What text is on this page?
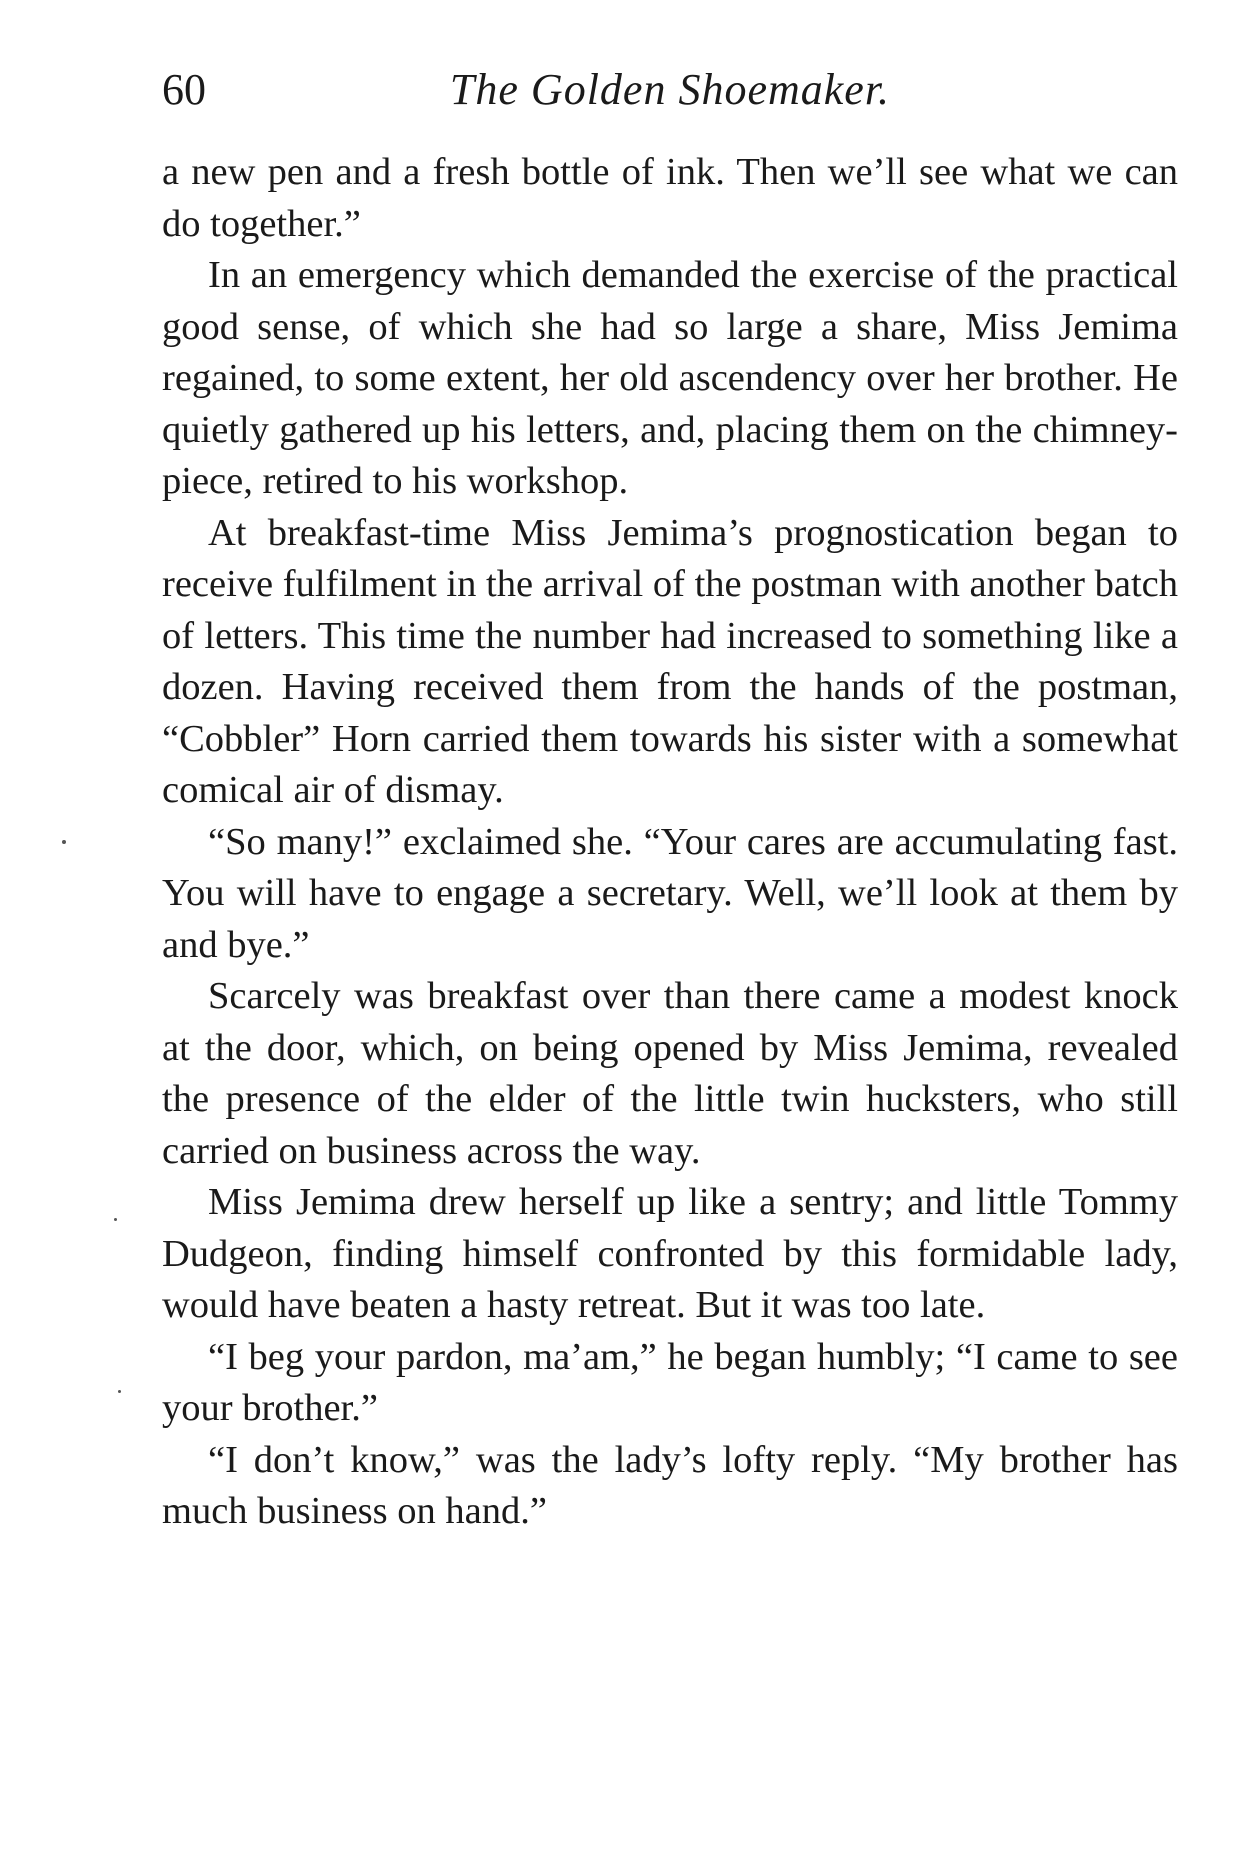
60	The Golden Shoemaker.

a new pen and a fresh bottle of ink. Then we’ll see what we can do together.”

In an emergency which demanded the exercise of the practical good sense, of which she had so large a share, Miss Jemima regained, to some extent, her old ascendency over her brother. He quietly gathered up his letters, and, placing them on the chimney-piece, retired to his workshop.

At breakfast-time Miss Jemima’s prognostication began to receive fulfilment in the arrival of the postman with another batch of letters. This time the number had increased to something like a dozen. Having received them from the hands of the postman, “Cobbler” Horn carried them towards his sister with a somewhat comical air of dismay.

“So many!” exclaimed she. “Your cares are accumulating fast. You will have to engage a secretary. Well, we’ll look at them by and bye.”

Scarcely was breakfast over than there came a modest knock at the door, which, on being opened by Miss Jemima, revealed the presence of the elder of the little twin hucksters, who still carried on business across the way.

Miss Jemima drew herself up like a sentry; and little Tommy Dudgeon, finding himself confronted by this formidable lady, would have beaten a hasty retreat. But it was too late.

“I beg your pardon, ma’am,” he began humbly; “I came to see your brother.”

“I don’t know,” was the lady’s lofty reply. “My brother has much business on hand.”
